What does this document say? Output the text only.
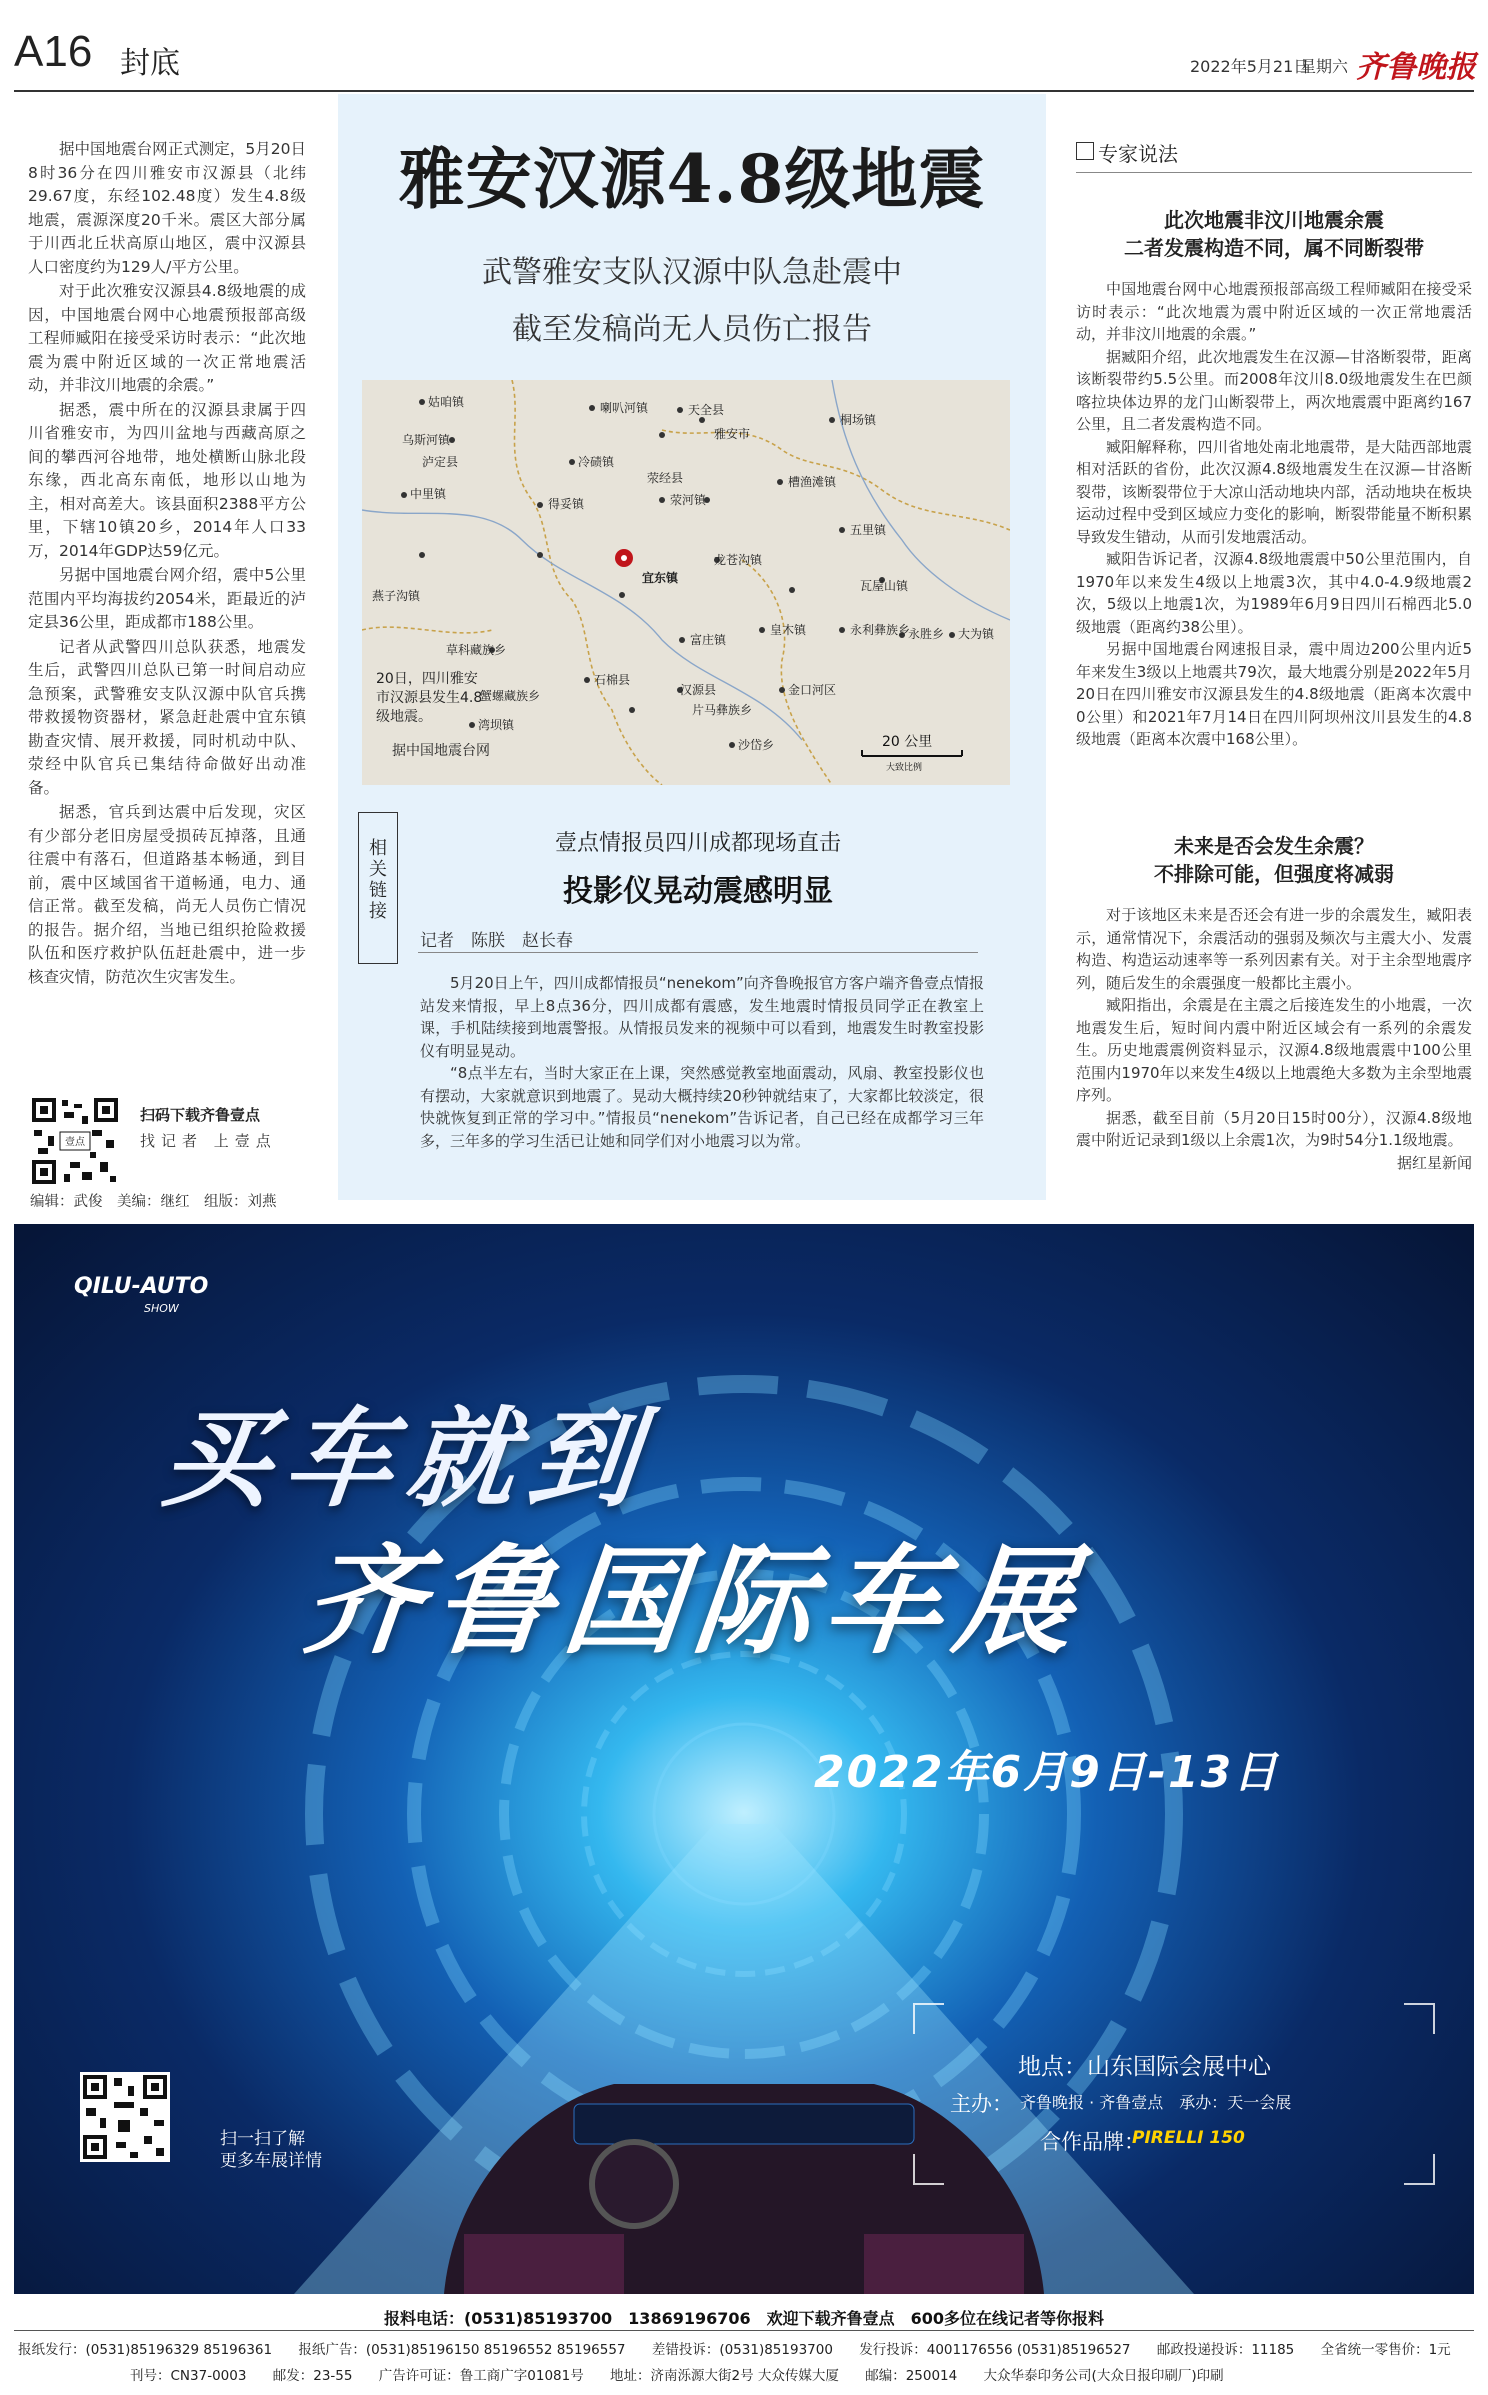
A16 封底	2022年5月21日
星期六 齐鲁晚报

据中国地震台网正式测定，5月20日8时36分在四川雅安市汉源县（北纬29.67度，东经102.48度）发生4.8级地震，震源深度20千米。震区大部分属于川西北丘状高原山地区，震中汉源县人口密度约为129人/平方公里。

对于此次雅安汉源县4.8级地震的成因，中国地震台网中心地震预报部高级工程师臧阳在接受采访时表示：“此次地震为震中附近区域的一次正常地震活动，并非汶川地震的余震。”

据悉，震中所在的汉源县隶属于四川省雅安市，为四川盆地与西藏高原之间的攀西河谷地带，地处横断山脉北段东缘，西北高东南低，地形以山地为主，相对高差大。该县面积2388平方公里，下辖10镇20乡，2014年人口33万，2014年GDP达59亿元。

另据中国地震台网介绍，震中5公里范围内平均海拔约2054米，距最近的泸定县36公里，距成都市188公里。

记者从武警四川总队获悉，地震发生后，武警四川总队已第一时间启动应急预案，武警雅安支队汉源中队官兵携带救援物资器材，紧急赶赴震中宜东镇勘查灾情、展开救援，同时机动中队、荥经中队官兵已集结待命做好出动准备。

据悉，官兵到达震中后发现，灾区有少部分老旧房屋受损砖瓦掉落，且通往震中有落石，但道路基本畅通，到目前，震中区域国省干道畅通，电力、通信正常。截至发稿，尚无人员伤亡情况的报告。据介绍，当地已组织抢险救援队伍和医疗救护队伍赶赴震中，进一步核查灾情，防范次生灾害发生。

壹点
扫码下载齐鲁壹点
找记者 上壹点
编辑：武俊　美编：继红　组版：刘燕
雅安汉源4.8级地震
武警雅安支队汉源中队急赴震中
截至发稿尚无人员伤亡报告
姑咱镇	喇叭河镇	天全县
泸定县	冷碛镇
荥经县
雅安市
燕子沟镇
得妥镇	荥河镇
龙苍沟镇
宜东镇
富庄镇
汉源县
皇木镇
石棉县
草科藏族乡
蟹螺藏族乡
永利彝族乡
片马彝族乡
金口河区
沙岱乡
湾坝镇
乌斯河镇
瓦屋山镇
五里镇
永胜乡 大为镇
槽渔滩镇
桐场镇
中里镇
20 公里
大致比例
20日，四川雅安市汉源县发生4.8级地震。
据中国地震台网
相关链接
壹点情报员四川成都现场直击
投影仪晃动震感明显
记者　陈朕　赵长春

5月20日上午，四川成都情报员“nenekom”向齐鲁晚报官方客户端齐鲁壹点情报站发来情报，早上8点36分，四川成都有震感，发生地震时情报员同学正在教室上课，手机陆续接到地震警报。从情报员发来的视频中可以看到，地震发生时教室投影仪有明显晃动。

“8点半左右，当时大家正在上课，突然感觉教室地面震动，风扇、教室投影仪也有摆动，大家就意识到地震了。晃动大概持续20秒钟就结束了，大家都比较淡定，很快就恢复到正常的学习中。”情报员“nenekom”告诉记者，自己已经在成都学习三年多，三年多的学习生活已让她和同学们对小地震习以为常。

专家说法
此次地震非汶川地震余震
二者发震构造不同，属不同断裂带

中国地震台网中心地震预报部高级工程师臧阳在接受采访时表示：“此次地震为震中附近区域的一次正常地震活动，并非汶川地震的余震。”

据臧阳介绍，此次地震发生在汉源—甘洛断裂带，距离该断裂带约5.5公里。而2008年汶川8.0级地震发生在巴颜喀拉块体边界的龙门山断裂带上，两次地震震中距离约167公里，且二者发震构造不同。

臧阳解释称，四川省地处南北地震带，是大陆西部地震相对活跃的省份，此次汉源4.8级地震发生在汉源—甘洛断裂带，该断裂带位于大凉山活动地块内部，活动地块在板块运动过程中受到区域应力变化的影响，断裂带能量不断积累导致发生错动，从而引发地震活动。

臧阳告诉记者，汉源4.8级地震震中50公里范围内，自1970年以来发生4级以上地震3次，其中4.0-4.9级地震2次，5级以上地震1次，为1989年6月9日四川石棉西北5.0级地震（距离约38公里）。

另据中国地震台网速报目录，震中周边200公里内近5年来发生3级以上地震共79次，最大地震分别是2022年5月20日在四川雅安市汉源县发生的4.8级地震（距离本次震中0公里）和2021年7月14日在四川阿坝州汶川县发生的4.8级地震（距离本次震中168公里）。

未来是否会发生余震？
不排除可能，但强度将减弱

对于该地区未来是否还会有进一步的余震发生，臧阳表示，通常情况下，余震活动的强弱及频次与主震大小、发震构造、构造运动速率等一系列因素有关。对于主余型地震序列，随后发生的余震强度一般都比主震小。

臧阳指出，余震是在主震之后接连发生的小地震，一次地震发生后，短时间内震中附近区域会有一系列的余震发生。历史地震震例资料显示，汉源4.8级地震震中100公里范围内1970年以来发生4级以上地震绝大多数为主余型地震序列。

据悉，截至目前（5月20日15时00分），汉源4.8级地震中附近记录到1级以上余震1次，为9时54分1.1级地震。

据红星新闻

QILU-AUTO
SHOW
买车就到
齐鲁国际车展
2022年6月9日-13日
扫一扫了解
更多车展详情
地点：山东国际会展中心
主办： 齐鲁晚报 · 齐鲁壹点　承办：天一会展
合作品牌：
PIRELLI 150
报料电话：(0531)85193700　13869196706　欢迎下载齐鲁壹点　600多位在线记者等你报料
报纸发行：(0531)85196329 85196361 报纸广告：(0531)85196150 85196552 85196557 差错投诉：(0531)85193700 发行投诉：4001176556 (0531)85196527 邮政投递投诉：11185 全省统一零售价：1元
刊号：CN37-0003 邮发：23-55 广告许可证：鲁工商广字01081号 地址：济南泺源大街2号 大众传媒大厦 邮编：250014 大众华泰印务公司(大众日报印刷厂)印刷
